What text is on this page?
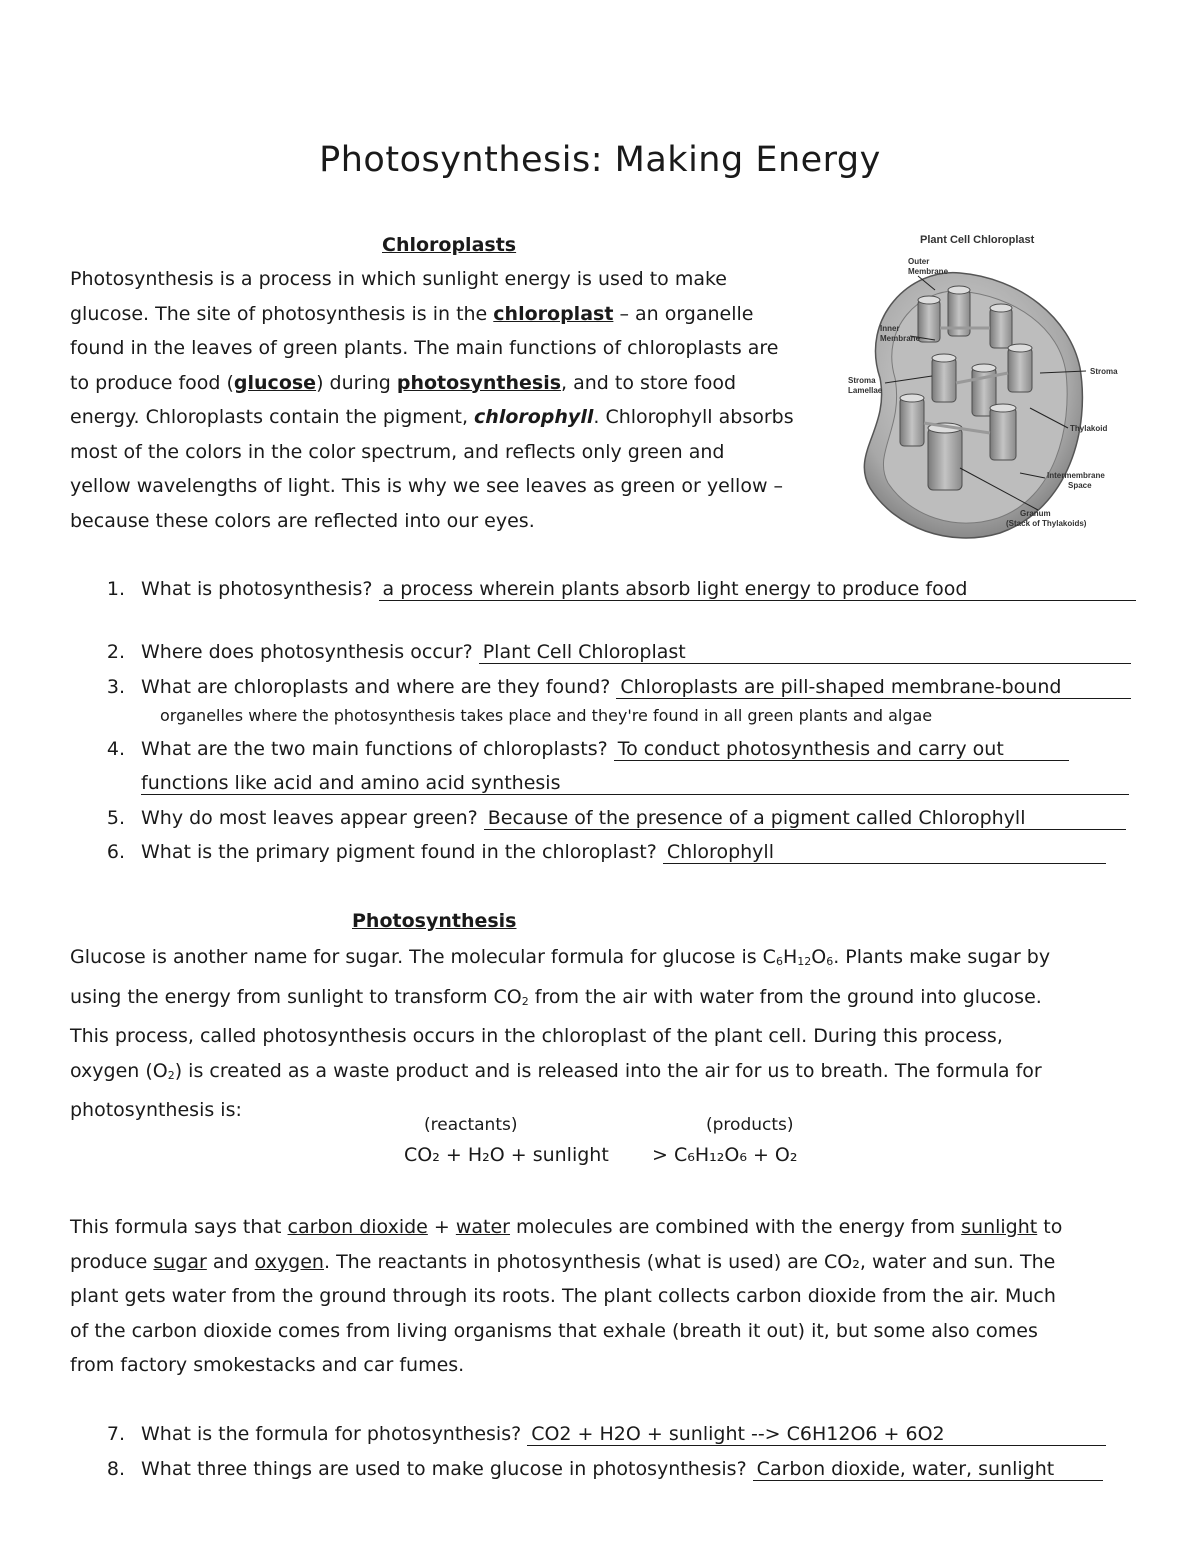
Photosynthesis: Making Energy
Chloroplasts
Photosynthesis is a process in which sunlight energy is used to make
glucose. The site of photosynthesis is in the chloroplast – an organelle
found in the leaves of green plants. The main functions of chloroplasts are
to produce food (glucose) during photosynthesis, and to store food
energy. Chloroplasts contain the pigment, chlorophyll. Chlorophyll absorbs
most of the colors in the color spectrum, and reflects only green and
yellow wavelengths of light. This is why we see leaves as green or yellow –
because these colors are reflected into our eyes.
Plant Cell Chloroplast
Outer
Membrane
Inner
Membrane
Stroma
Lamellae
Stroma
Thylakoid
Intermembrane
Space
Granum
(Stack of Thylakoids)
1. What is photosynthesis? a process wherein plants absorb light energy to produce food
2. Where does photosynthesis occur? Plant Cell Chloroplast
3. What are chloroplasts and where are they found? Chloroplasts are pill-shaped membrane-bound
organelles where the photosynthesis takes place and they're found in all green plants and algae
4. What are the two main functions of chloroplasts? To conduct photosynthesis and carry out
functions like acid and amino acid synthesis
5. Why do most leaves appear green? Because of the presence of a pigment called Chlorophyll
6. What is the primary pigment found in the chloroplast? Chlorophyll
Photosynthesis
Glucose is another name for sugar. The molecular formula for glucose is $C_6H_{12}O_6$. Plants make sugar by
using the energy from sunlight to transform $CO_2$ from the air with water from the ground into glucose.
This process, called photosynthesis occurs in the chloroplast of the plant cell. During this process,
oxygen $(O_2)$ is created as a waste product and is released into the air for us to breath. The formula for
photosynthesis is:
(reactants)	(products)
CO₂ + H₂O + sunlight > C₆H₁₂O₆ + O₂
This formula says that carbon dioxide + water molecules are combined with the energy from sunlight to
produce sugar and oxygen. The reactants in photosynthesis (what is used) are CO₂, water and sun. The
plant gets water from the ground through its roots. The plant collects carbon dioxide from the air. Much
of the carbon dioxide comes from living organisms that exhale (breath it out) it, but some also comes
from factory smokestacks and car fumes.
7. What is the formula for photosynthesis? CO2 + H2O + sunlight --> C6H12O6 + 6O2
8. What three things are used to make glucose in photosynthesis? Carbon dioxide, water, sunlight
